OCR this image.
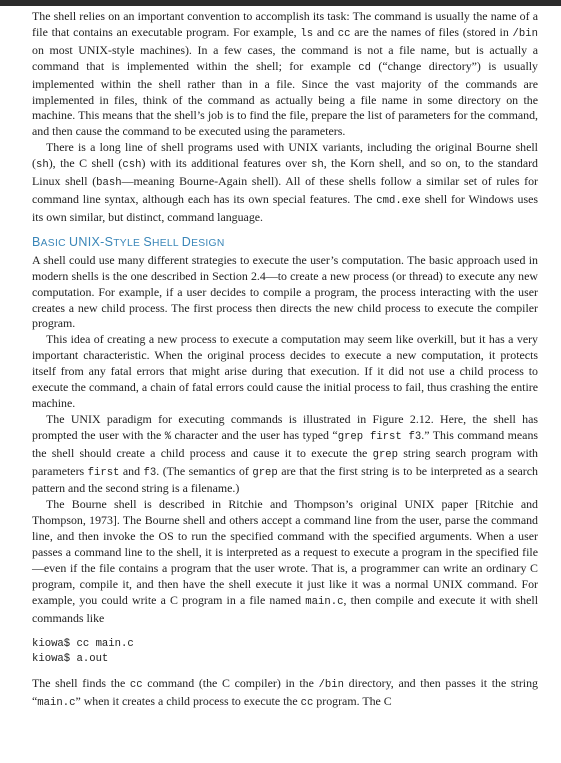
The shell relies on an important convention to accomplish its task: The command is usually the name of a file that contains an executable program. For example, ls and cc are the names of files (stored in /bin on most UNIX-style machines). In a few cases, the command is not a file name, but is actually a command that is implemented within the shell; for example cd (“change directory”) is usually implemented within the shell rather than in a file. Since the vast majority of the commands are implemented in files, think of the command as actually being a file name in some directory on the machine. This means that the shell’s job is to find the file, prepare the list of parameters for the command, and then cause the command to be executed using the parameters.

There is a long line of shell programs used with UNIX variants, including the original Bourne shell (sh), the C shell (csh) with its additional features over sh, the Korn shell, and so on, to the standard Linux shell (bash—meaning Bourne-Again shell). All of these shells follow a similar set of rules for command line syntax, although each has its own special features. The cmd.exe shell for Windows uses its own similar, but distinct, command language.

BASIC UNIX-STYLE SHELL DESIGN

A shell could use many different strategies to execute the user’s computation. The basic approach used in modern shells is the one described in Section 2.4—to create a new process (or thread) to execute any new computation. For example, if a user decides to compile a program, the process interacting with the user creates a new child process. The first process then directs the new child process to execute the compiler program.

This idea of creating a new process to execute a computation may seem like overkill, but it has a very important characteristic. When the original process decides to execute a new computation, it protects itself from any fatal errors that might arise during that execution. If it did not use a child process to execute the command, a chain of fatal errors could cause the initial process to fail, thus crashing the entire machine.

The UNIX paradigm for executing commands is illustrated in Figure 2.12. Here, the shell has prompted the user with the % character and the user has typed “grep first f3.” This command means the shell should create a child process and cause it to execute the grep string search program with parameters first and f3. (The semantics of grep are that the first string is to be interpreted as a search pattern and the second string is a filename.)

The Bourne shell is described in Ritchie and Thompson’s original UNIX paper [Ritchie and Thompson, 1973]. The Bourne shell and others accept a command line from the user, parse the command line, and then invoke the OS to run the specified command with the specified arguments. When a user passes a command line to the shell, it is interpreted as a request to execute a program in the specified file—even if the file contains a program that the user wrote. That is, a programmer can write an ordinary C program, compile it, and then have the shell execute it just like it was a normal UNIX command. For example, you could write a C program in a file named main.c, then compile and execute it with shell commands like

kiowa$ cc main.c
kiowa$ a.out

The shell finds the cc command (the C compiler) in the /bin directory, and then passes it the string “main.c” when it creates a child process to execute the cc program. The C
